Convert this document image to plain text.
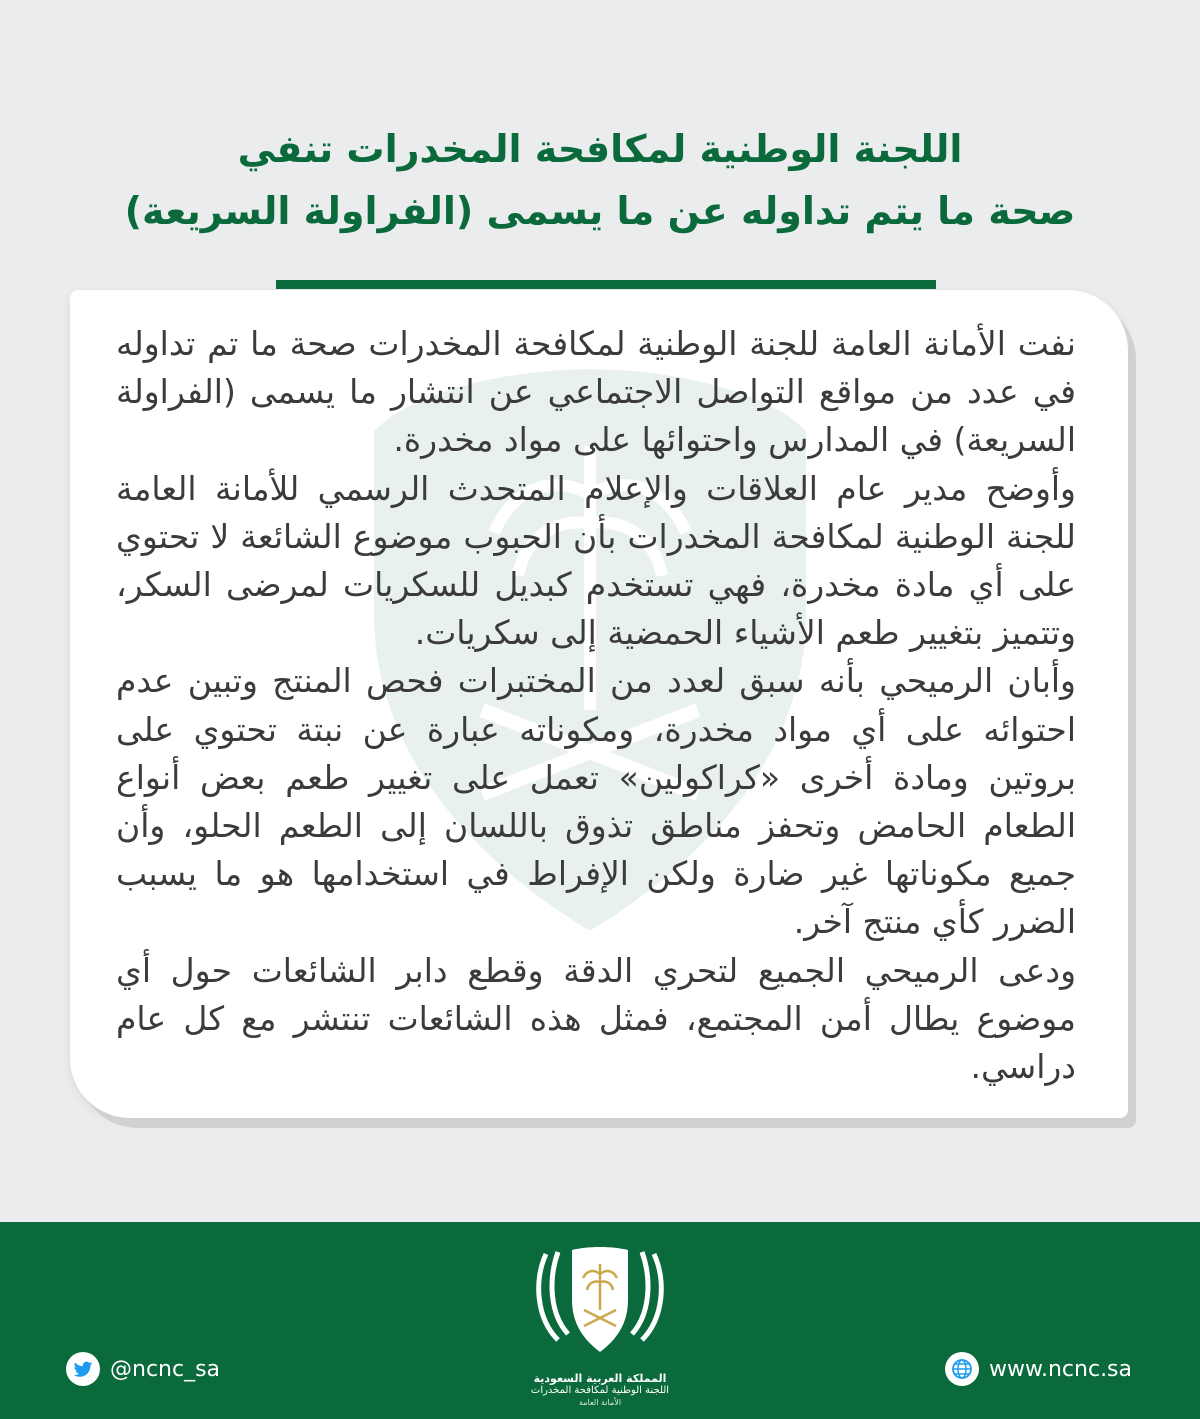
اللجنة الوطنية لمكافحة المخدرات تنفي
صحة ما يتم تداوله عن ما يسمى (الفراولة السريعة)

نفت الأمانة العامة للجنة الوطنية لمكافحة المخدرات صحة ما تم تداوله في عدد من مواقع التواصل الاجتماعي عن انتشار ما يسمى (الفراولة السريعة) في المدارس واحتوائها على مواد مخدرة.

وأوضح مدير عام العلاقات والإعلام المتحدث الرسمي للأمانة العامة للجنة الوطنية لمكافحة المخدرات بأن الحبوب موضوع الشائعة لا تحتوي على أي مادة مخدرة، فهي تستخدم كبديل للسكريات لمرضى السكر، وتتميز بتغيير طعم الأشياء الحمضية إلى سكريات.

وأبان الرميحي بأنه سبق لعدد من المختبرات فحص المنتج وتبين عدم احتوائه على أي مواد مخدرة، ومكوناته عبارة عن نبتة تحتوي على بروتين ومادة أخرى «كراكولين» تعمل على تغيير طعم بعض أنواع الطعام الحامض وتحفز مناطق تذوق باللسان إلى الطعم الحلو، وأن جميع مكوناتها غير ضارة ولكن الإفراط في استخدامها هو ما يسبب الضرر كأي منتج آخر.

ودعى الرميحي الجميع لتحري الدقة وقطع دابر الشائعات حول أي موضوع يطال أمن المجتمع، فمثل هذه الشائعات تنتشر مع كل عام دراسي.

المملكة العربية السعودية
اللجنة الوطنية لمكافحة المخدرات
الأمانة العامة
@ncnc_sa	www.ncnc.sa
